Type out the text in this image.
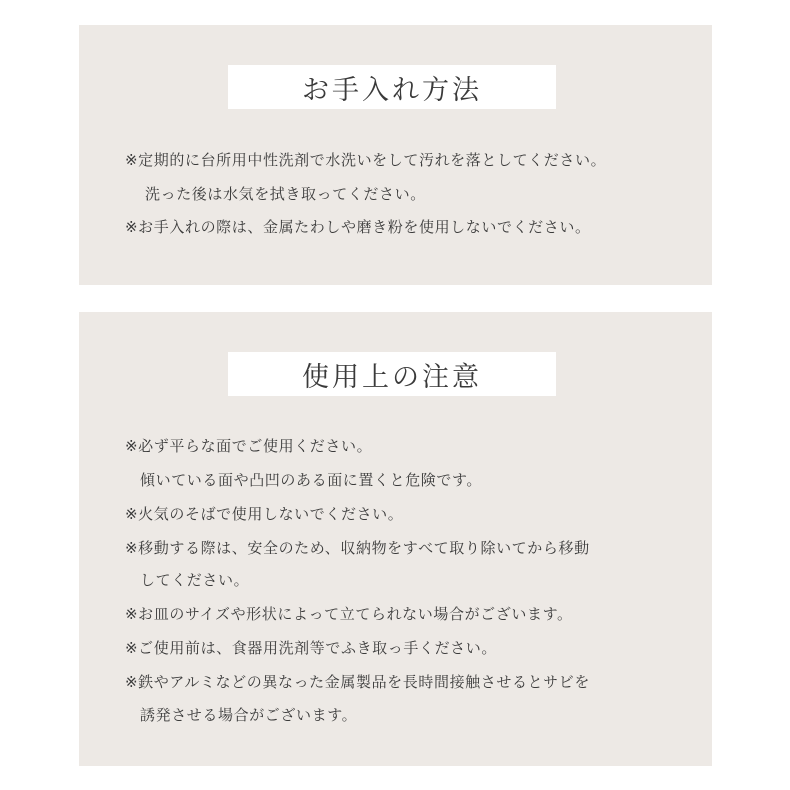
お手入れ方法
※定期的に台所用中性洗剤で水洗いをして汚れを落としてください。
洗った後は水気を拭き取ってください。
※お手入れの際は、金属たわしや磨き粉を使用しないでください。
使用上の注意
※必ず平らな面でご使用ください。
傾いている面や凸凹のある面に置くと危険です。
※火気のそばで使用しないでください。
※移動する際は、安全のため、収納物をすべて取り除いてから移動
してください。
※お皿のサイズや形状によって立てられない場合がございます。
※ご使用前は、食器用洗剤等でふき取っ手ください。
※鉄やアルミなどの異なった金属製品を長時間接触させるとサビを
誘発させる場合がございます。
